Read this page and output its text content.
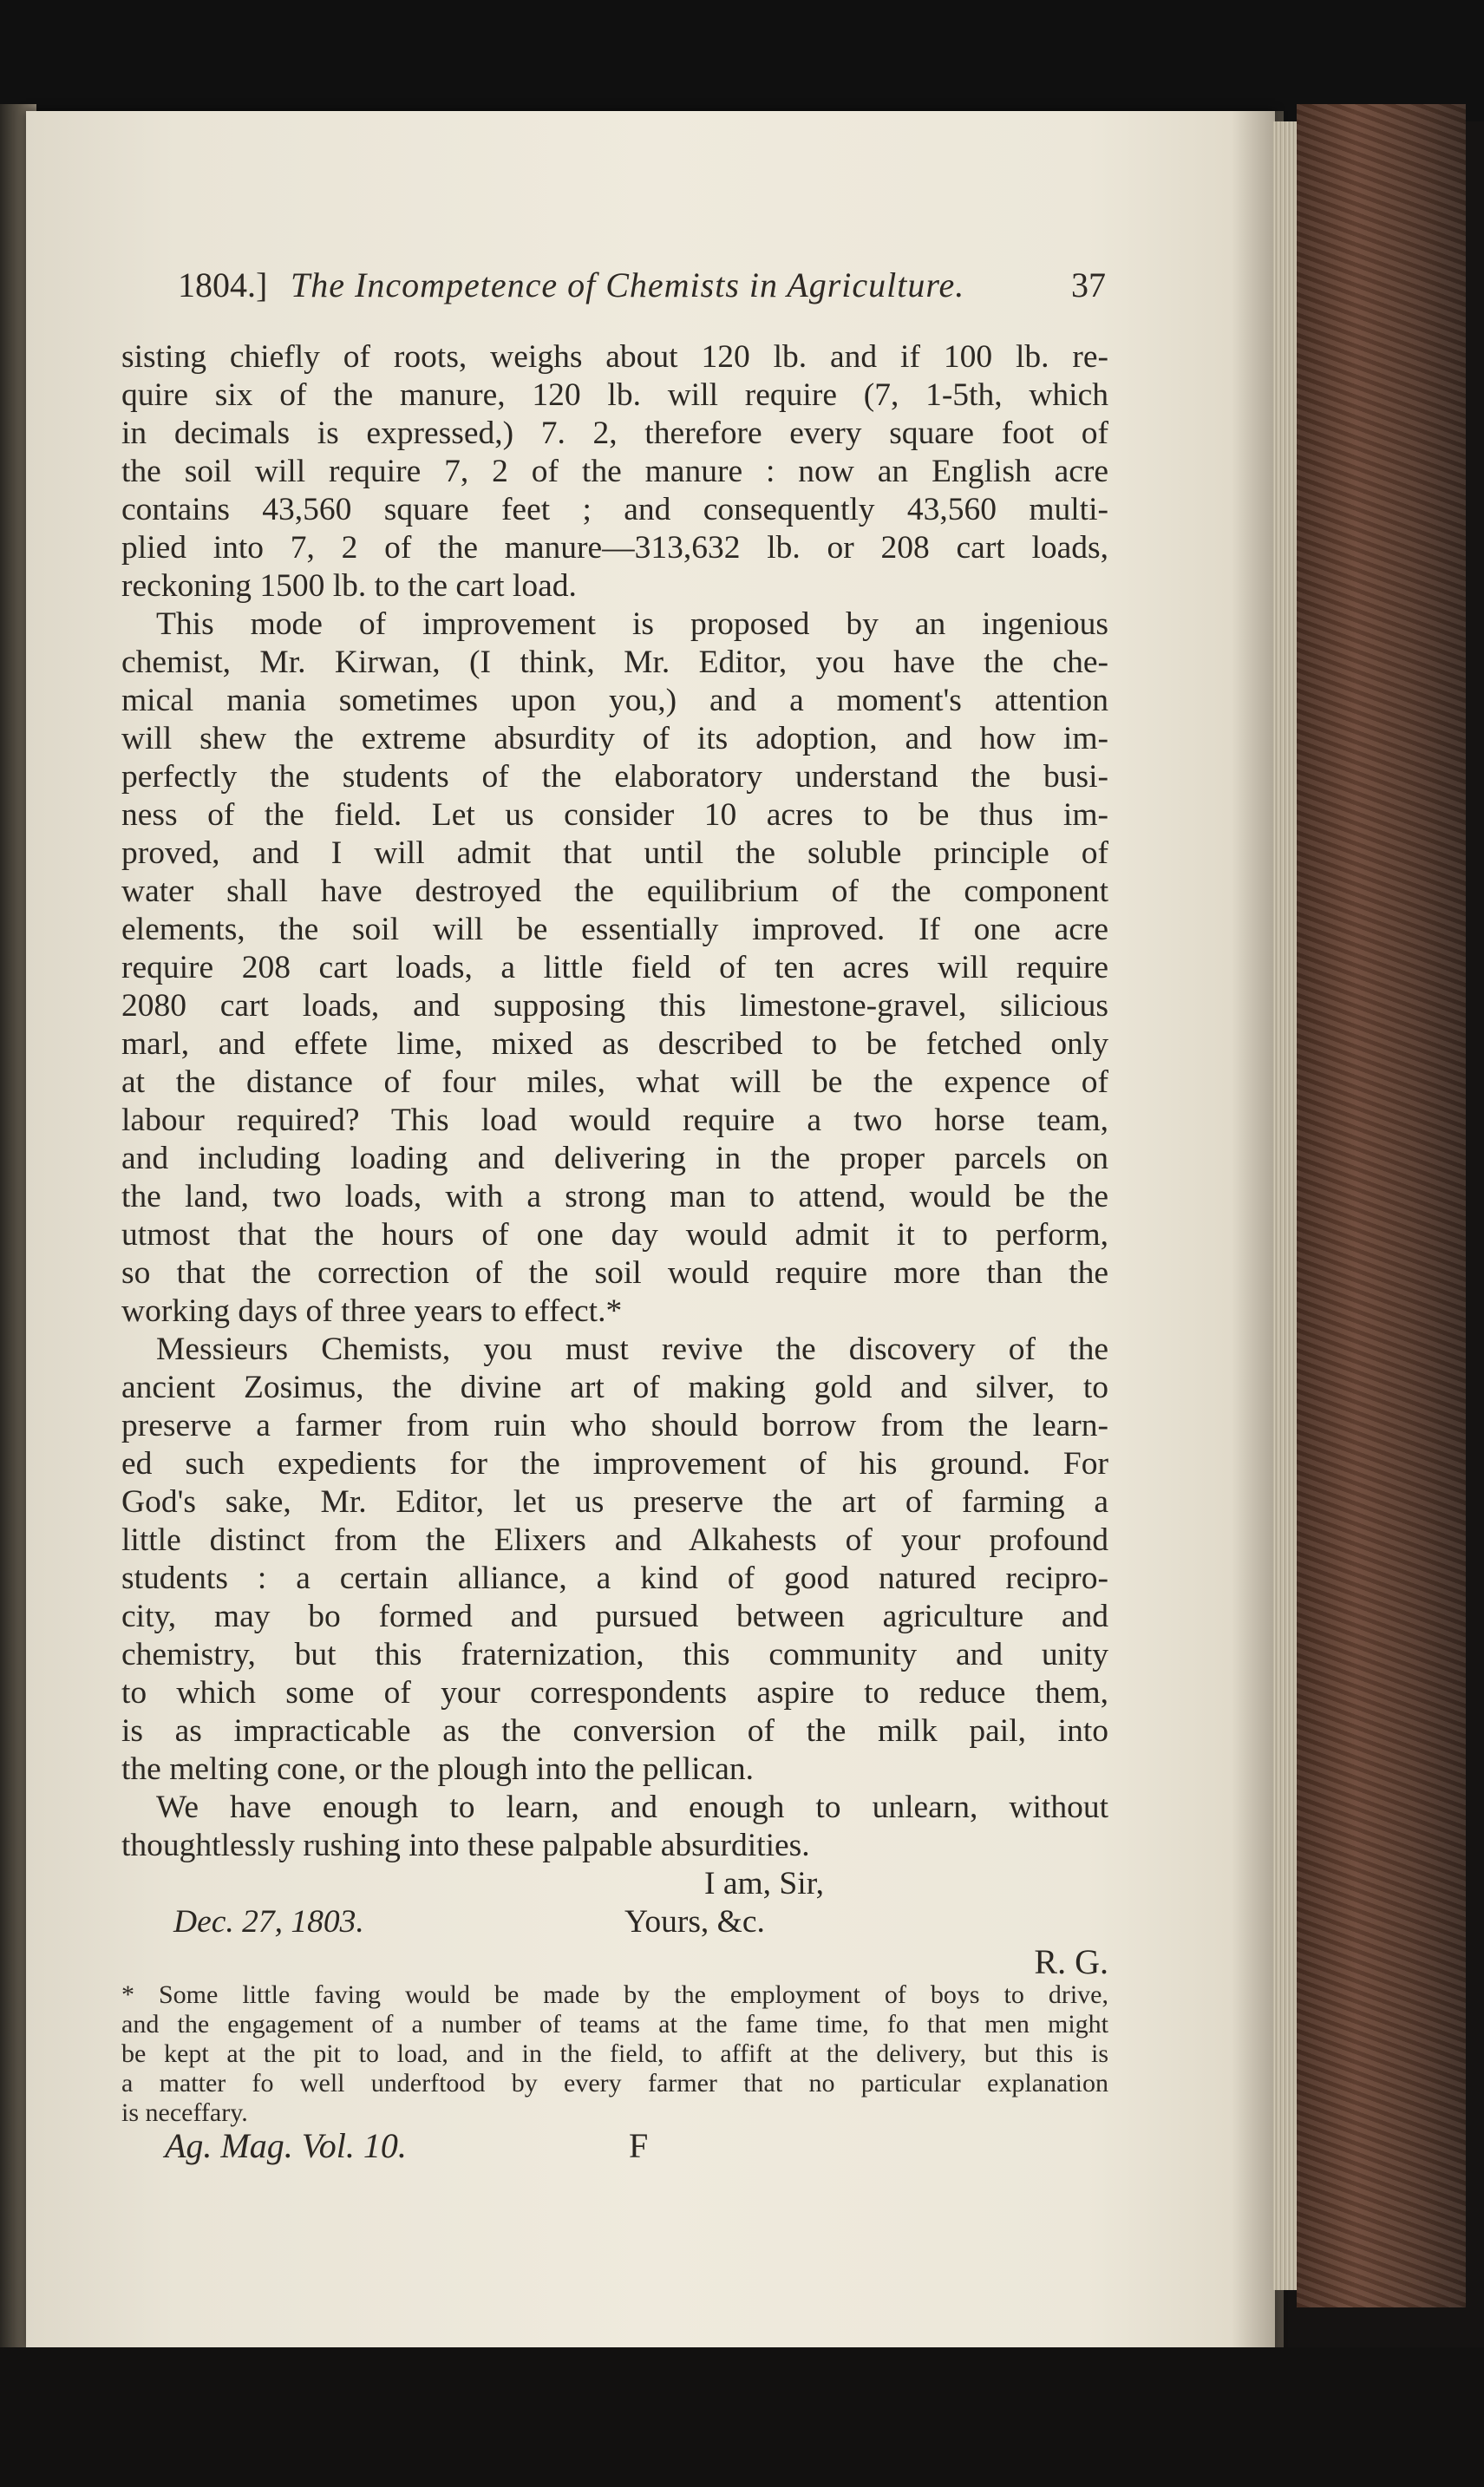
1804.] The Incompetence of Chemists in Agriculture.	37
sisting chiefly of roots, weighs about 120 lb. and if 100 lb. re-
quire six of the manure, 120 lb. will require (7, 1-5th, which
in decimals is expressed,) 7. 2, therefore every square foot of
the soil will require 7, 2 of the manure : now an English acre
contains 43,560 square feet ; and consequently 43,560 multi-
plied into 7, 2 of the manure—313,632 lb. or 208 cart loads,
reckoning 1500 lb. to the cart load.
This mode of improvement is proposed by an ingenious
chemist, Mr. Kirwan, (I think, Mr. Editor, you have the che-
mical mania sometimes upon you,) and a moment's attention
will shew the extreme absurdity of its adoption, and how im-
perfectly the students of the elaboratory understand the busi-
ness of the field. Let us consider 10 acres to be thus im-
proved, and I will admit that until the soluble principle of
water shall have destroyed the equilibrium of the component
elements, the soil will be essentially improved. If one acre
require 208 cart loads, a little field of ten acres will require
2080 cart loads, and supposing this limestone-gravel, silicious
marl, and effete lime, mixed as described to be fetched only
at the distance of four miles, what will be the expence of
labour required? This load would require a two horse team,
and including loading and delivering in the proper parcels on
the land, two loads, with a strong man to attend, would be the
utmost that the hours of one day would admit it to perform,
so that the correction of the soil would require more than the
working days of three years to effect.*
Messieurs Chemists, you must revive the discovery of the
ancient Zosimus, the divine art of making gold and silver, to
preserve a farmer from ruin who should borrow from the learn-
ed such expedients for the improvement of his ground. For
God's sake, Mr. Editor, let us preserve the art of farming a
little distinct from the Elixers and Alkahests of your profound
students : a certain alliance, a kind of good natured recipro-
city, may bo formed and pursued between agriculture and
chemistry, but this fraternization, this community and unity
to which some of your correspondents aspire to reduce them,
is as impracticable as the conversion of the milk pail, into
the melting cone, or the plough into the pellican.
We have enough to learn, and enough to unlearn, without
thoughtlessly rushing into these palpable absurdities.
I am, Sir,
Dec. 27, 1803.	Yours, &c.
R. G.
* Some little faving would be made by the employment of boys to drive,
and the engagement of a number of teams at the fame time, fo that men might
be kept at the pit to load, and in the field, to affift at the delivery, but this is
a matter fo well underftood by every farmer that no particular explanation
is neceffary.
Ag. Mag. Vol. 10.	F
